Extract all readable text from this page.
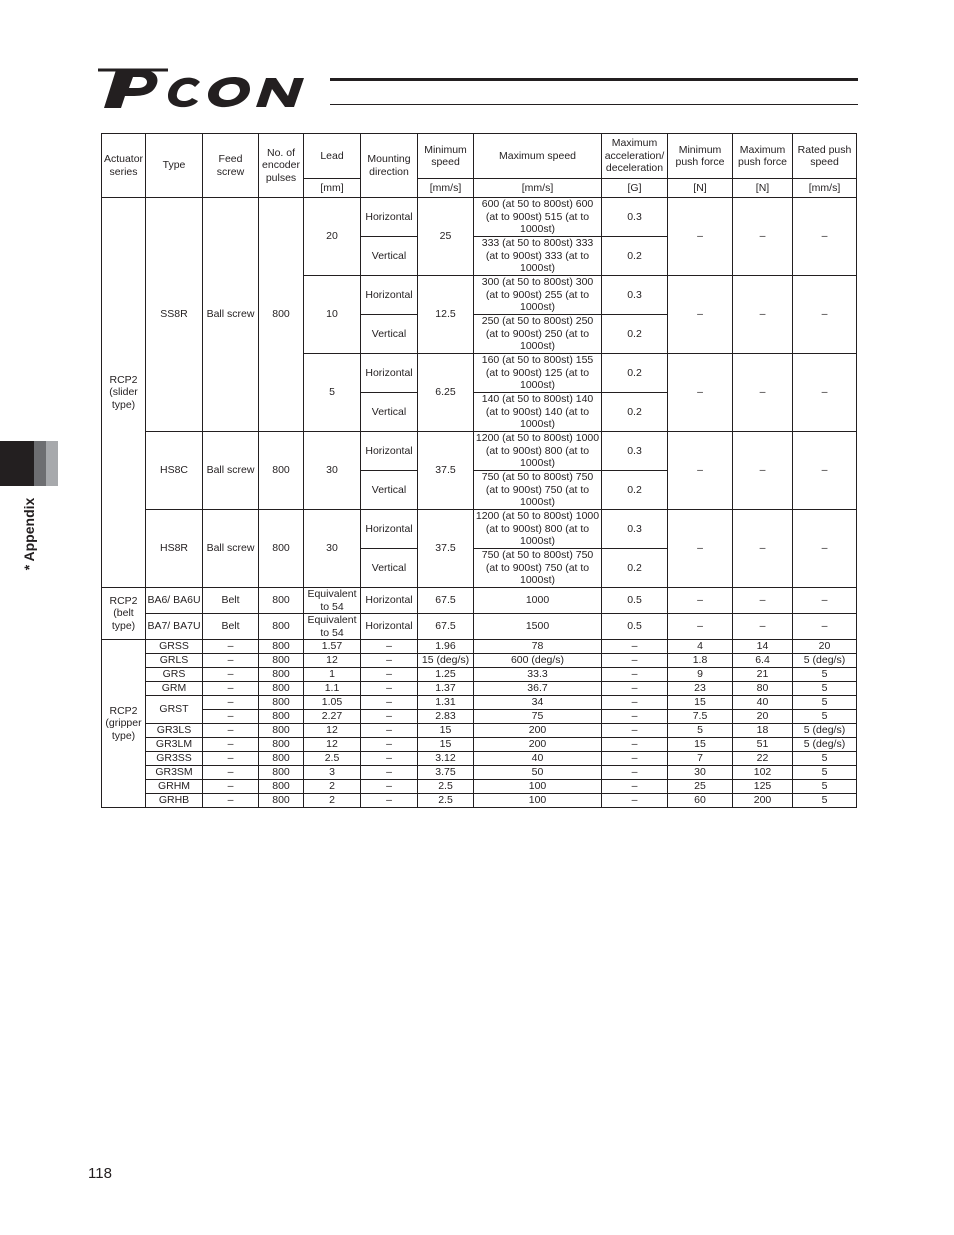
* Appendix
Actuator series	Type	Feed screw	No. of encoder pulses	Lead	Mounting direction	Minimum speed	Maximum speed	Maximum acceleration/ deceleration	Minimum push force	Maximum push force	Rated push speed
				[mm]		[mm/s]	[mm/s]	[G]	[N]	[N]	[mm/s]
RCP2 (slider type)	SS8R	Ball screw	800	20	Horizontal	25	600 (at 50 to 800st) 600 (at to 900st) 515 (at to 1000st)	0.3	–	–	–
					Vertical		333 (at 50 to 800st) 333 (at to 900st) 333 (at to 1000st)	0.2			
				10	Horizontal	12.5	300 (at 50 to 800st) 300 (at to 900st) 255 (at to 1000st)	0.3	–	–	–
					Vertical		250 (at 50 to 800st) 250 (at to 900st) 250 (at to 1000st)	0.2			
				5	Horizontal	6.25	160 (at 50 to 800st) 155 (at to 900st) 125 (at to 1000st)	0.2	–	–	–
					Vertical		140 (at 50 to 800st) 140 (at to 900st) 140 (at to 1000st)	0.2			
	HS8C	Ball screw	800	30	Horizontal	37.5	1200 (at 50 to 800st) 1000 (at to 900st) 800 (at to 1000st)	0.3	–	–	–
					Vertical		750 (at 50 to 800st) 750 (at to 900st) 750 (at to 1000st)	0.2			
	HS8R	Ball screw	800	30	Horizontal	37.5	1200 (at 50 to 800st) 1000 (at to 900st) 800 (at to 1000st)	0.3	–	–	–
					Vertical		750 (at 50 to 800st) 750 (at to 900st) 750 (at to 1000st)	0.2			
RCP2 (belt type)	BA6/ BA6U	Belt	800	Equivalent to 54	Horizontal	67.5	1000	0.5	–	–	–
	BA7/ BA7U	Belt	800	Equivalent to 54	Horizontal	67.5	1500	0.5	–	–	–
RCP2 (gripper type)	GRSS	–	800	1.57	–	1.96	78	–	4	14	20
	GRLS	–	800	12	–	15 (deg/s)	600 (deg/s)	–	1.8	6.4	5 (deg/s)
	GRS	–	800	1	–	1.25	33.3	–	9	21	5
	GRM	–	800	1.1	–	1.37	36.7	–	23	80	5
	GRST	–	800	1.05	–	1.31	34	–	15	40	5
		–	800	2.27	–	2.83	75	–	7.5	20	5
	GR3LS	–	800	12	–	15	200	–	5	18	5 (deg/s)
	GR3LM	–	800	12	–	15	200	–	15	51	5 (deg/s)
	GR3SS	–	800	2.5	–	3.12	40	–	7	22	5
	GR3SM	–	800	3	–	3.75	50	–	30	102	5
	GRHM	–	800	2	–	2.5	100	–	25	125	5
	GRHB	–	800	2	–	2.5	100	–	60	200	5
118
